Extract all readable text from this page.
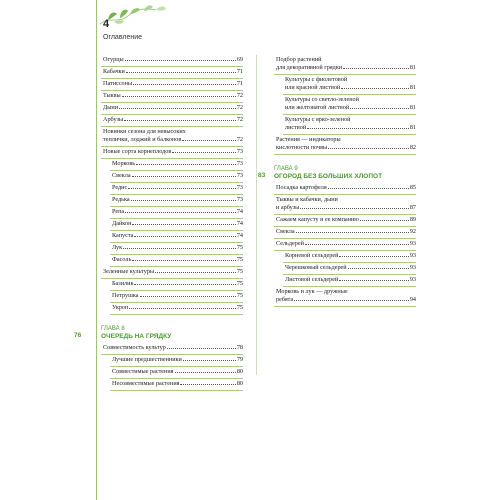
4
Оглавление
Огурцы	69
Кабачки	71
Патиссоны	71
Тыквы	72
Дыни	72
Арбузы	72
Новинки сезона для невысоких
теплички, лоджий и балконов	72
Новые сорта корнеплодов	73
Морковь	73
Свекла	73
Редис	73
Редька	73
Репа	74
Дайкон	74
Капуста	74
Лук	75
Фасоль	75
Зеленные культуры	75
Базилик	75
Петрушка	75
Укроп	75
ГЛАВА 8
ОЧЕРЕДЬ НА ГРЯДКУ
76
Совместимость культур	78
Лучшие предшественники	79
Совместимые растения	80
Несовместимые растения	80
Подбор растений
для декоративной грядки	81
Культуры с фиолетовой
или красной листвой	81
Культуры со светло-зеленой
или желтоватой листвой	81
Культуры с ярко-зеленой
листвой	81
Растения — индикаторы
кислотности почвы	82
ГЛАВА 9
ОГОРОД БЕЗ БОЛЬШИХ ХЛОПОТ
83
Посадка картофеля	85
Тыквы и кабачки, дыни
и арбузы	87
Сажаем капусту и ее компанию	89
Свекла	92
Сельдерей	93
Корневой сельдерей	93
Черешковый сельдерей	93
Листовой сельдерей	93
Морковь и лук — дружные
ребята	94
